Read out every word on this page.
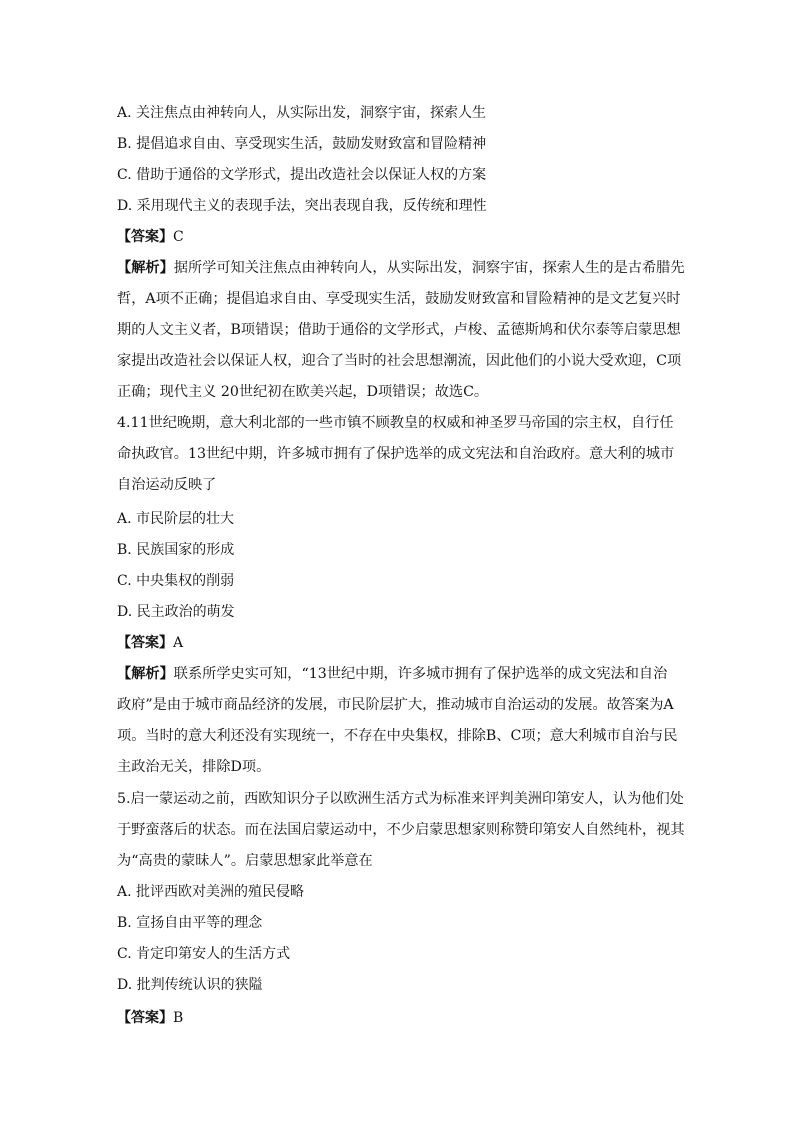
A. 关注焦点由神转向人，从实际出发，洞察宇宙，探索人生
B. 提倡追求自由、享受现实生活，鼓励发财致富和冒险精神
C. 借助于通俗的文学形式，提出改造社会以保证人权的方案
D. 采用现代主义的表现手法，突出表现自我，反传统和理性
【答案】C
【解析】据所学可知关注焦点由神转向人，从实际出发，洞察宇宙，探索人生的是古希腊先
哲，A项不正确；提倡追求自由、享受现实生活，鼓励发财致富和冒险精神的是文艺复兴时
期的人文主义者，B项错误；借助于通俗的文学形式，卢梭、孟德斯鸠和伏尔泰等启蒙思想
家提出改造社会以保证人权，迎合了当时的社会思想潮流，因此他们的小说大受欢迎，C项
正确；现代主义 20世纪初在欧美兴起，D项错误；故选C。
4.11世纪晚期，意大利北部的一些市镇不顾教皇的权威和神圣罗马帝国的宗主权，自行任
命执政官。13世纪中期，许多城市拥有了保护选举的成文宪法和自治政府。意大利的城市
自治运动反映了
A. 市民阶层的壮大
B. 民族国家的形成
C. 中央集权的削弱
D. 民主政治的萌发
【答案】A
【解析】联系所学史实可知，“13世纪中期，许多城市拥有了保护选举的成文宪法和自治
政府”是由于城市商品经济的发展，市民阶层扩大，推动城市自治运动的发展。故答案为A
项。当时的意大利还没有实现统一，不存在中央集权，排除B、C项；意大利城市自治与民
主政治无关，排除D项。
5.启一蒙运动之前，西欧知识分子以欧洲生活方式为标准来评判美洲印第安人，认为他们处
于野蛮落后的状态。而在法国启蒙运动中，不少启蒙思想家则称赞印第安人自然纯朴，视其
为“高贵的蒙昧人”。启蒙思想家此举意在
A. 批评西欧对美洲的殖民侵略
B. 宣扬自由平等的理念
C. 肯定印第安人的生活方式
D. 批判传统认识的狭隘
【答案】B
